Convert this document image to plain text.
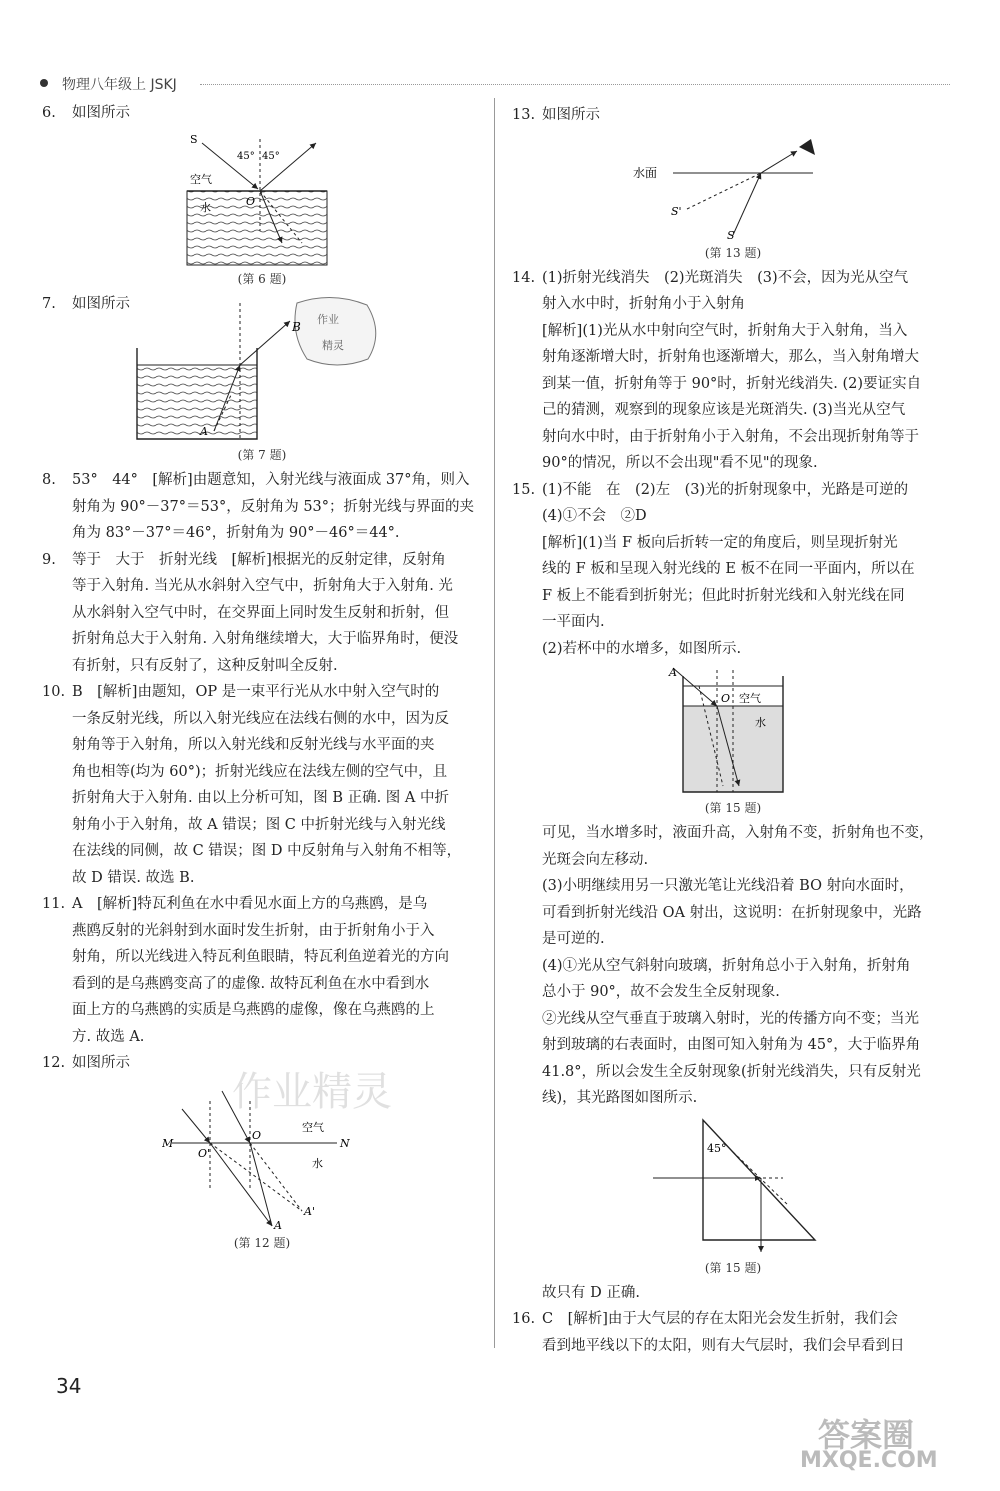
物理八年级上 JSKJ
6. 如图所示
S
45° 45°
空气
O
水
(第 6 题)
7. 如图所示
作业
精灵
B
A
(第 7 题)
8. 53°　44°　[解析]由题意知，入射光线与液面成 37°角，则入
射角为 90°－37°＝53°，反射角为 53°；折射光线与界面的夹
角为 83°－37°＝46°，折射角为 90°－46°＝44°.
9. 等于　大于　折射光线　[解析]根据光的反射定律，反射角
等于入射角. 当光从水斜射入空气中，折射角大于入射角. 光
从水斜射入空气中时，在交界面上同时发生反射和折射，但
折射角总大于入射角. 入射角继续增大，大于临界角时，便没
有折射，只有反射了，这种反射叫全反射.
10. B　[解析]由题知，OP 是一束平行光从水中射入空气时的
一条反射光线，所以入射光线应在法线右侧的水中，因为反
射角等于入射角，所以入射光线和反射光线与水平面的夹
角也相等(均为 60°)；折射光线应在法线左侧的空气中，且
折射角大于入射角. 由以上分析可知，图 B 正确. 图 A 中折
射角小于入射角，故 A 错误；图 C 中折射光线与入射光线
在法线的同侧，故 C 错误；图 D 中反射角与入射角不相等，
故 D 错误. 故选 B.
11. A　[解析]特瓦利鱼在水中看见水面上方的乌燕鸥，是乌
燕鸥反射的光斜射到水面时发生折射，由于折射角小于入
射角，所以光线进入特瓦利鱼眼睛，特瓦利鱼逆着光的方向
看到的是乌燕鸥变高了的虚像. 故特瓦利鱼在水中看到水
面上方的乌燕鸥的实质是乌燕鸥的虚像，像在乌燕鸥的上
方. 故选 A.
12. 如图所示
M	N
O
O'
空气
水
A
A'
(第 12 题)
13. 如图所示
水面
S
S'
(第 13 题)
14. (1)折射光线消失　(2)光斑消失　(3)不会，因为光从空气
射入水中时，折射角小于入射角
[解析](1)光从水中射向空气时，折射角大于入射角，当入
射角逐渐增大时，折射角也逐渐增大，那么，当入射角增大
到某一值，折射角等于 90°时，折射光线消失. (2)要证实自
己的猜测，观察到的现象应该是光斑消失. (3)当光从空气
射向水中时，由于折射角小于入射角，不会出现折射角等于
90°的情况，所以不会出现"看不见"的现象.
15. (1)不能　在　(2)左　(3)光的折射现象中，光路是可逆的
(4)①不会　②D
[解析](1)当 F 板向后折转一定的角度后，则呈现折射光
线的 F 板和呈现入射光线的 E 板不在同一平面内，所以在
F 板上不能看到折射光；但此时折射光线和入射光线在同
一平面内.
(2)若杯中的水增多，如图所示.
A
O 空气
水
(第 15 题)
可见，当水增多时，液面升高，入射角不变，折射角也不变，
光斑会向左移动.
(3)小明继续用另一只激光笔让光线沿着 BO 射向水面时，
可看到折射光线沿 OA 射出，这说明：在折射现象中，光路
是可逆的.
(4)①光从空气斜射向玻璃，折射角总小于入射角，折射角
总小于 90°，故不会发生全反射现象.
②光线从空气垂直于玻璃入射时，光的传播方向不变；当光
射到玻璃的右表面时，由图可知入射角为 45°，大于临界角
41.8°，所以会发生全反射现象(折射光线消失，只有反射光
线)，其光路图如图所示.
45°
(第 15 题)
故只有 D 正确.
16. C　[解析]由于大气层的存在太阳光会发生折射，我们会
看到地平线以下的太阳，则有大气层时，我们会早看到日
34
作业精灵
答案圈
MXQE.COM
